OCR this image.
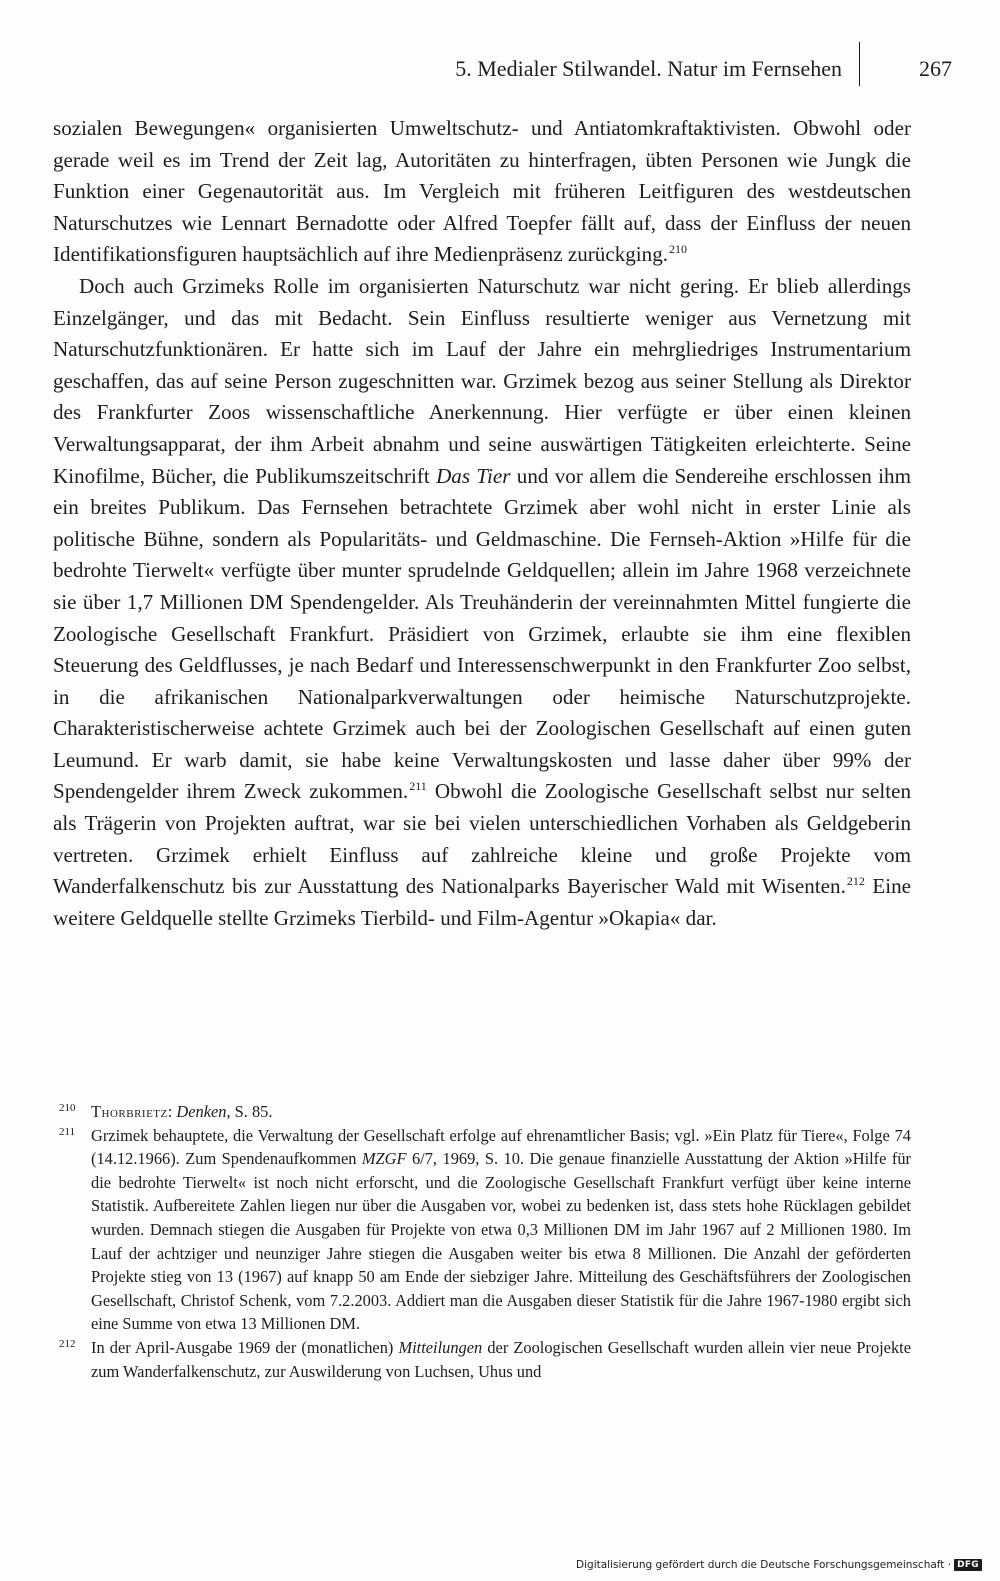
5. Medialer Stilwandel. Natur im Fernsehen	267

sozialen Bewegungen« organisierten Umweltschutz- und Antiatomkraftaktivisten. Obwohl oder gerade weil es im Trend der Zeit lag, Autoritäten zu hinterfragen, übten Personen wie Jungk die Funktion einer Gegenautorität aus. Im Vergleich mit früheren Leitfiguren des westdeutschen Naturschutzes wie Lennart Bernadotte oder Alfred Toepfer fällt auf, dass der Einfluss der neuen Identifikationsfiguren hauptsächlich auf ihre Medienpräsenz zurückging.$^{210}$

Doch auch Grzimeks Rolle im organisierten Naturschutz war nicht gering. Er blieb allerdings Einzelgänger, und das mit Bedacht. Sein Einfluss resultierte weniger aus Vernetzung mit Naturschutzfunktionären. Er hatte sich im Lauf der Jahre ein mehrgliedriges Instrumentarium geschaffen, das auf seine Person zugeschnitten war. Grzimek bezog aus seiner Stellung als Direktor des Frankfurter Zoos wissenschaftliche Anerkennung. Hier verfügte er über einen kleinen Verwaltungsapparat, der ihm Arbeit abnahm und seine auswärtigen Tätigkeiten erleichterte. Seine Kinofilme, Bücher, die Publikumszeitschrift Das Tier und vor allem die Sendereihe erschlossen ihm ein breites Publikum. Das Fernsehen betrachtete Grzimek aber wohl nicht in erster Linie als politische Bühne, sondern als Popularitäts- und Geldmaschine. Die Fernseh-Aktion »Hilfe für die bedrohte Tierwelt« verfügte über munter sprudelnde Geldquellen; allein im Jahre 1968 verzeichnete sie über 1,7 Millionen DM Spendengelder. Als Treuhänderin der vereinnahmten Mittel fungierte die Zoologische Gesellschaft Frankfurt. Präsidiert von Grzimek, erlaubte sie ihm eine flexiblen Steuerung des Geldflusses, je nach Bedarf und Interessenschwerpunkt in den Frankfurter Zoo selbst, in die afrikanischen Nationalparkverwaltungen oder heimische Naturschutzprojekte. Charakteristischerweise achtete Grzimek auch bei der Zoologischen Gesellschaft auf einen guten Leumund. Er warb damit, sie habe keine Verwaltungskosten und lasse daher über 99% der Spendengelder ihrem Zweck zukommen.$^{211}$ Obwohl die Zoologische Gesellschaft selbst nur selten als Trägerin von Projekten auftrat, war sie bei vielen unterschiedlichen Vorhaben als Geldgeberin vertreten. Grzimek erhielt Einfluss auf zahlreiche kleine und große Projekte vom Wanderfalkenschutz bis zur Ausstattung des Nationalparks Bayerischer Wald mit Wisenten.$^{212}$ Eine weitere Geldquelle stellte Grzimeks Tierbild- und Film-Agentur »Okapia« dar.

210 Thorbrietz: Denken, S. 85.
211 Grzimek behauptete, die Verwaltung der Gesellschaft erfolge auf ehrenamtlicher Basis; vgl. »Ein Platz für Tiere«, Folge 74 (14.12.1966). Zum Spendenaufkommen MZGF 6/7, 1969, S. 10. Die genaue finanzielle Ausstattung der Aktion »Hilfe für die bedrohte Tierwelt« ist noch nicht erforscht, und die Zoologische Gesellschaft Frankfurt verfügt über keine interne Statistik. Aufbereitete Zahlen liegen nur über die Ausgaben vor, wobei zu bedenken ist, dass stets hohe Rücklagen gebildet wurden. Demnach stiegen die Ausgaben für Projekte von etwa 0,3 Millionen DM im Jahr 1967 auf 2 Millionen 1980. Im Lauf der achtziger und neunziger Jahre stiegen die Ausgaben weiter bis etwa 8 Millionen. Die Anzahl der geförderten Projekte stieg von 13 (1967) auf knapp 50 am Ende der siebziger Jahre. Mitteilung des Geschäftsführers der Zoologischen Gesellschaft, Christof Schenk, vom 7.2.2003. Addiert man die Ausgaben dieser Statistik für die Jahre 1967-1980 ergibt sich eine Summe von etwa 13 Millionen DM.
212 In der April-Ausgabe 1969 der (monatlichen) Mitteilungen der Zoologischen Gesellschaft wurden allein vier neue Projekte zum Wanderfalkenschutz, zur Auswilderung von Luchsen, Uhus und
Digitalisierung gefördert durch die Deutsche Forschungsgemeinschaft · DFG
